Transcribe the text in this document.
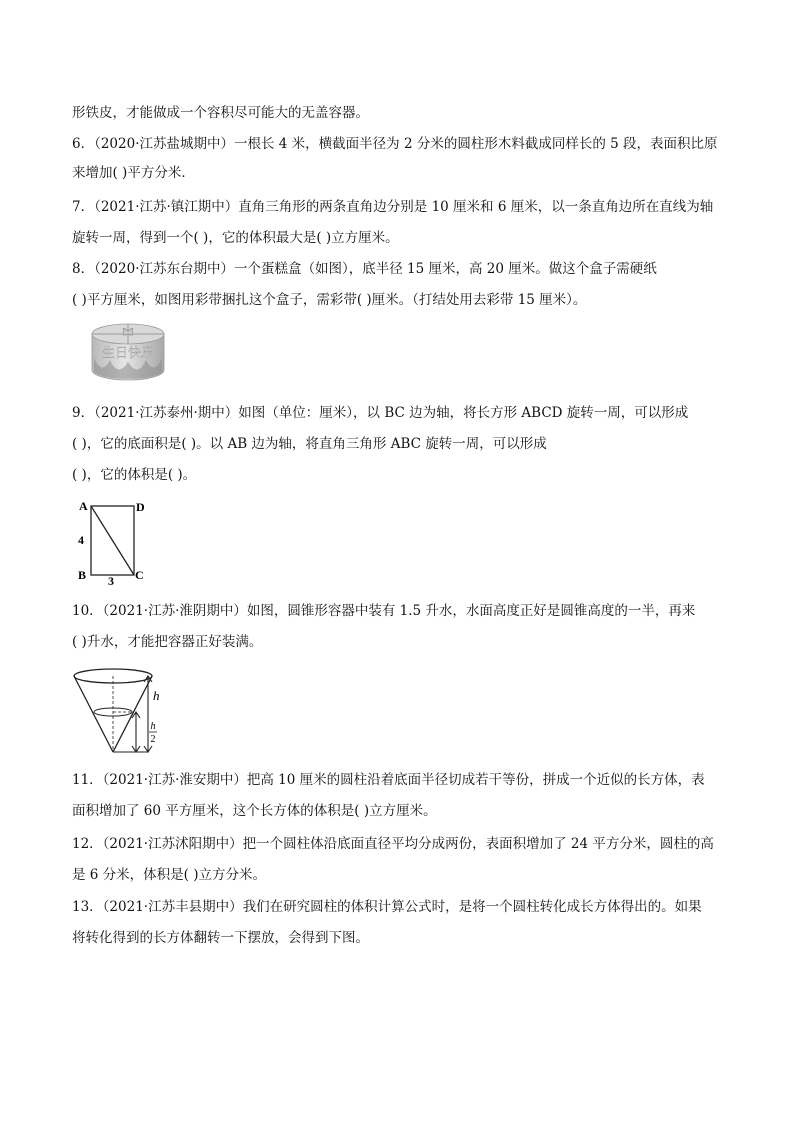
形铁皮，才能做成一个容积尽可能大的无盖容器。
6．（2020·江苏盐城期中）一根长 4 米，横截面半径为 2 分米的圆柱形木料截成同样长的 5 段，表面积比原
来增加( )平方分米．
7．（2021·江苏·镇江期中）直角三角形的两条直角边分别是 10 厘米和 6 厘米，以一条直角边所在直线为轴
旋转一周，得到一个( )，它的体积最大是( )立方厘米。
8．（2020·江苏东台期中）一个蛋糕盒（如图），底半径 15 厘米，高 20 厘米。做这个盒子需硬纸
( )平方厘米，如图用彩带捆扎这个盒子，需彩带( )厘米。（打结处用去彩带 15 厘米）。
生日快乐
9．（2021·江苏泰州·期中）如图（单位：厘米），以 BC 边为轴，将长方形 ABCD 旋转一周，可以形成
( )，它的底面积是( )。以 AB 边为轴，将直角三角形 ABC 旋转一周，可以形成
( )，它的体积是( )。
A	D
B	C
4
3
10．（2021·江苏·淮阴期中）如图，圆锥形容器中装有 1.5 升水，水面高度正好是圆锥高度的一半，再来
( )升水，才能把容器正好装满。
h
h
2
11．（2021·江苏·淮安期中）把高 10 厘米的圆柱沿着底面半径切成若干等份，拼成一个近似的长方体，表
面积增加了 60 平方厘米，这个长方体的体积是( )立方厘米。
12．（2021·江苏沭阳期中）把一个圆柱体沿底面直径平均分成两份，表面积增加了 24 平方分米，圆柱的高
是 6 分米，体积是( )立方分米。
13．（2021·江苏丰县期中）我们在研究圆柱的体积计算公式时，是将一个圆柱转化成长方体得出的。如果
将转化得到的长方体翻转一下摆放，会得到下图。
